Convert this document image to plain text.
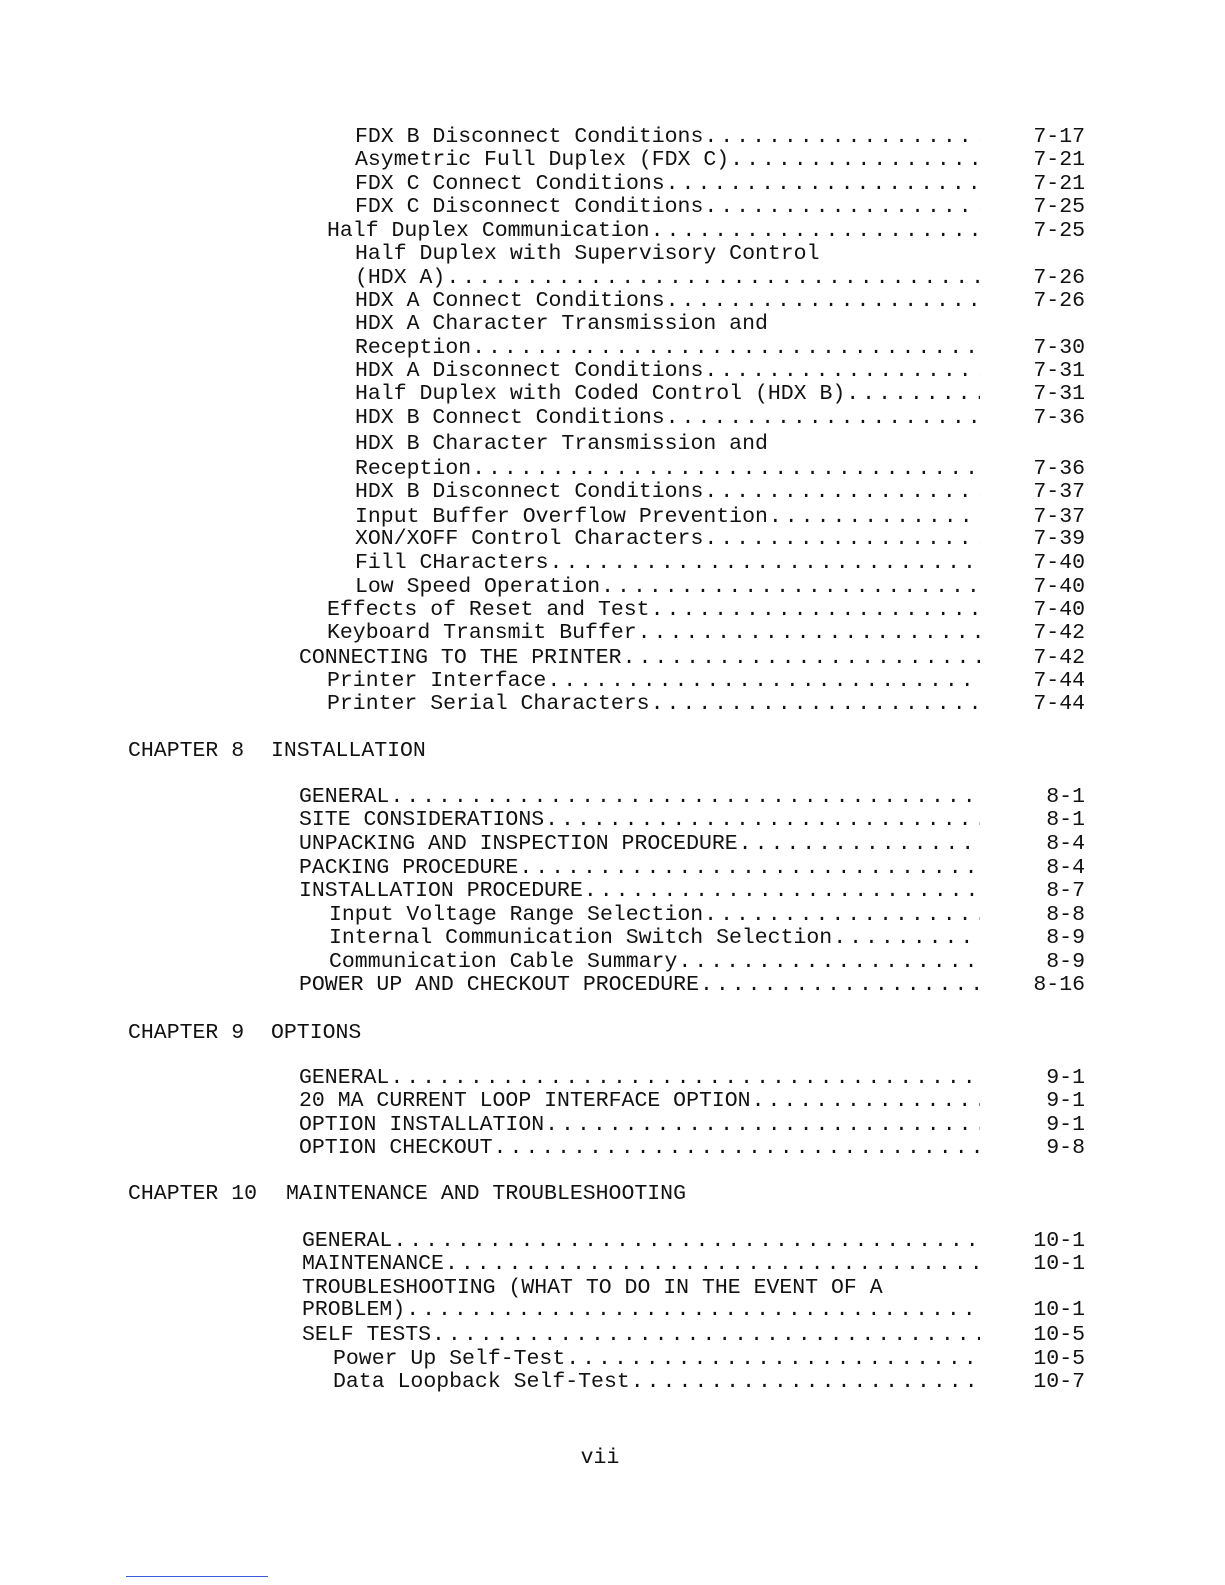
FDX B Disconnect Conditions .....	7-17
Asymetric Full Duplex (FDX C) .....	7-21
FDX C Connect Conditions .....	7-21
FDX C Disconnect Conditions .....	7-25
Half Duplex Communication .....	7-25
Half Duplex with Supervisory Control
(HDX A) .....	7-26
HDX A Connect Conditions .....	7-26
HDX A Character Transmission and
Reception .....	7-30
HDX A Disconnect Conditions .....	7-31
Half Duplex with Coded Control (HDX B) .....	7-31
HDX B Connect Conditions .....	7-36
HDX B Character Transmission and
Reception .....	7-36
HDX B Disconnect Conditions .....	7-37
Input Buffer Overflow Prevention .....	7-37
XON/XOFF Control Characters .....	7-39
Fill CHaracters .....	7-40
Low Speed Operation .....	7-40
Effects of Reset and Test .....	7-40
Keyboard Transmit Buffer .....	7-42
CONNECTING TO THE PRINTER .....	7-42
Printer Interface .....	7-44
Printer Serial Characters .....	7-44
CHAPTER 8 INSTALLATION
GENERAL .....	8-1
SITE CONSIDERATIONS .....	8-1
UNPACKING AND INSPECTION PROCEDURE .....	8-4
PACKING PROCEDURE .....	8-4
INSTALLATION PROCEDURE .....	8-7
Input Voltage Range Selection .....	8-8
Internal Communication Switch Selection .....	8-9
Communication Cable Summary .....	8-9
POWER UP AND CHECKOUT PROCEDURE .....	8-16
CHAPTER 9 OPTIONS
GENERAL .....	9-1
20 MA CURRENT LOOP INTERFACE OPTION .....	9-1
OPTION INSTALLATION .....	9-1
OPTION CHECKOUT .....	9-8
CHAPTER 10 MAINTENANCE AND TROUBLESHOOTING
GENERAL .....	10-1
MAINTENANCE .....	10-1
TROUBLESHOOTING (WHAT TO DO IN THE EVENT OF A
PROBLEM) .....	10-1
SELF TESTS .....	10-5
Power Up Self-Test .....	10-5
Data Loopback Self-Test .....	10-7
vii
